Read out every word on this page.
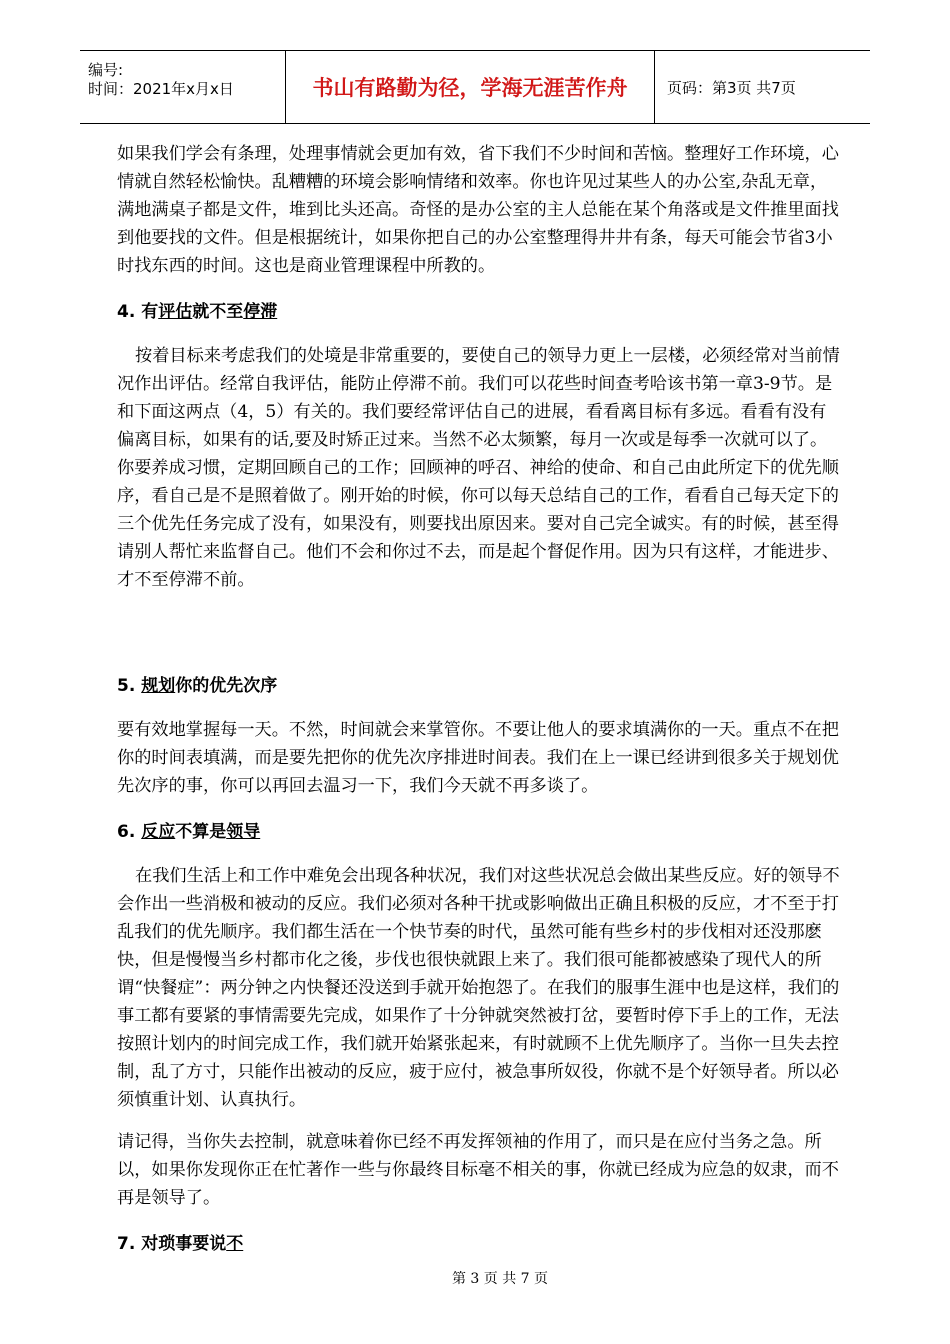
编号:
时间：2021年x月x日	书山有路勤为径，学海无涯苦作舟	页码：第3页 共7页

如果我们学会有条理，处理事情就会更加有效，省下我们不少时间和苦恼。整理好工作环境，心情就自然轻松愉快。乱糟糟的环境会影响情绪和效率。你也许见过某些人的办公室,杂乱无章，满地满桌子都是文件，堆到比头还高。奇怪的是办公室的主人总能在某个角落或是文件推里面找到他要找的文件。但是根据统计，如果你把自己的办公室整理得井井有条，每天可能会节省3小时找东西的时间。这也是商业管理课程中所教的。

4. 有评估就不至停滞

按着目标来考虑我们的处境是非常重要的，要使自己的领导力更上一层楼，必须经常对当前情况作出评估。经常自我评估，能防止停滞不前。我们可以花些时间查考哈该书第一章3-9节。是和下面这两点（4，5）有关的。我们要经常评估自己的进展，看看离目标有多远。看看有没有偏离目标，如果有的话,要及时矫正过来。当然不必太频繁，每月一次或是每季一次就可以了。你要养成习惯，定期回顾自己的工作；回顾神的呼召、神给的使命、和自己由此所定下的优先顺序，看自己是不是照着做了。刚开始的时候，你可以每天总结自己的工作，看看自己每天定下的三个优先任务完成了没有，如果没有，则要找出原因来。要对自己完全诚实。有的时候，甚至得请别人帮忙来监督自己。他们不会和你过不去，而是起个督促作用。因为只有这样，才能进步、才不至停滞不前。

5. 规划你的优先次序

要有效地掌握每一天。不然，时间就会来掌管你。不要让他人的要求填满你的一天。重点不在把你的时间表填满，而是要先把你的优先次序排进时间表。我们在上一课已经讲到很多关于规划优先次序的事，你可以再回去温习一下，我们今天就不再多谈了。

6. 反应不算是领导

在我们生活上和工作中难免会出现各种状况，我们对这些状况总会做出某些反应。好的领导不会作出一些消极和被动的反应。我们必须对各种干扰或影响做出正确且积极的反应，才不至于打乱我们的优先顺序。我们都生活在一个快节奏的时代，虽然可能有些乡村的步伐相对还没那麽快，但是慢慢当乡村都市化之後，步伐也很快就跟上来了。我们很可能都被感染了现代人的所谓“快餐症”：两分钟之内快餐还没送到手就开始抱怨了。在我们的服事生涯中也是这样，我们的事工都有要紧的事情需要先完成，如果作了十分钟就突然被打岔，要暂时停下手上的工作，无法按照计划内的时间完成工作，我们就开始紧张起来，有时就顾不上优先顺序了。当你一旦失去控制，乱了方寸，只能作出被动的反应，疲于应付，被急事所奴役，你就不是个好领导者。所以必须慎重计划、认真执行。

请记得，当你失去控制，就意味着你已经不再发挥领袖的作用了，而只是在应付当务之急。所以，如果你发现你正在忙著作一些与你最终目标毫不相关的事，你就已经成为应急的奴隶，而不再是领导了。

7. 对琐事要说不
第 3 页 共 7 页
